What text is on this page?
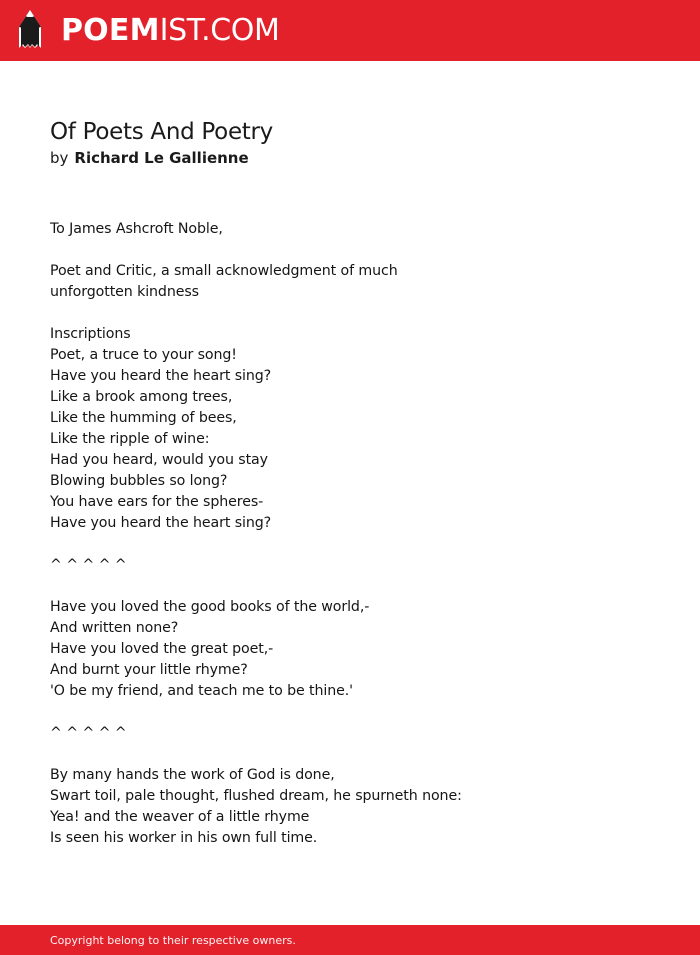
POEMIST.COM
Of Poets And Poetry
by Richard Le Gallienne
To James Ashcroft Noble,
Poet and Critic, a small acknowledgment of much
unforgotten kindness
Inscriptions
Poet, a truce to your song!
Have you heard the heart sing?
Like a brook among trees,
Like the humming of bees,
Like the ripple of wine:
Had you heard, would you stay
Blowing bubbles so long?
You have ears for the spheres-
Have you heard the heart sing?
^ ^ ^ ^ ^
Have you loved the good books of the world,-
And written none?
Have you loved the great poet,-
And burnt your little rhyme?
'O be my friend, and teach me to be thine.'
^ ^ ^ ^ ^
By many hands the work of God is done,
Swart toil, pale thought, flushed dream, he spurneth none:
Yea! and the weaver of a little rhyme
Is seen his worker in his own full time.
Copyright belong to their respective owners.
